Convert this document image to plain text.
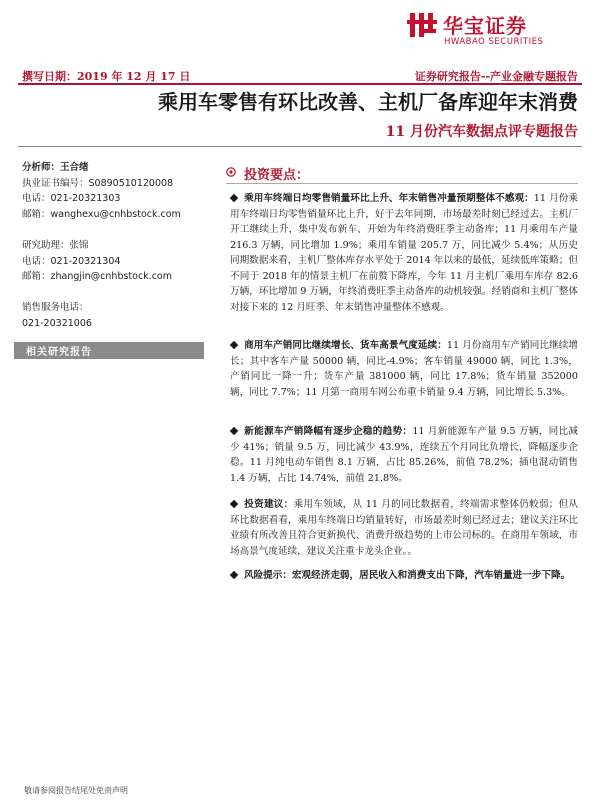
华宝证券
HWABAO SECURITIES
撰写日期：2019 年 12 月 17 日	证券研究报告--产业金融专题报告
乘用车零售有环比改善、主机厂备库迎年末消费
11 月份汽车数据点评专题报告
分析师：王合绪
执业证书编号：S0890510120008
电话：021-20321303
邮箱：wanghexu@cnhbstock.com
研究助理：张锦
电话：021-20321304
邮箱：zhangjin@cnhbstock.com
销售服务电话：
021-20321006
相关研究报告
投资要点：
乘用车终端日均零售销量环比上升、年末销售冲量预期整体不感观：11 月份乘用车终端日均零售销量环比上升，好于去年同期，市场最差时刻已经过去。主机厂开工继续上升，集中发布新车、开始为年终消费旺季主动备库；11 月乘用车产量 216.3 万辆，同比增加 1.9%；乘用车销量 205.7 万，同比减少 5.4%；从历史同期数据来看，主机厂整体库存水平处于 2014 年以来的最低，延续低库策略；但不同于 2018 年的情景主机厂在前赘下降库，今年 11 月主机厂乘用车库存 82.6 万辆，环比增加 9 万辆，年终消费旺季主动备库的动机较强。经销商和主机厂整体对接下来的 12 月旺季、年末销售冲量整体不感观。
商用车产销同比继续增长、货车高景气度延续：11 月份商用车产销同比继续增长；其中客车产量 50000 辆，同比-4.9%；客车销量 49000 辆，同比 1.3%，产销同比一降一升；货车产量 381000 辆，同比 17.8%；货车销量 352000 辆，同比 7.7%；11 月第一商用车网公布重卡销量 9.4 万辆，同比增长 5.3%。
新能源车产销降幅有逐步企稳的趋势：11 月新能源车产量 9.5 万辆，同比减少 41%；销量 9.5 万，同比减少 43.9%，连续五个月同比负增长，降幅逐步企稳。11 月纯电动车销售 8.1 万辆，占比 85.26%，前值 78.2%；插电混动销售 1.4 万辆，占比 14.74%，前值 21.8%。
投资建议：乘用车领域，从 11 月的同比数据看，终端需求整体仍較弱；但从环比数据看看，乘用车终端日均销量转好，市场最差时刻已经过去；建议关注环比业绩有所改善且符合更新换代、消费升级趋势的上市公司标的。在商用车领域，市场高景气度延续，建议关注重卡龙头企业。。
风险提示：宏观经济走弱，居民收入和消费支出下降，汽车销量进一步下降。
敬请参阅报告结尾处免责声明
